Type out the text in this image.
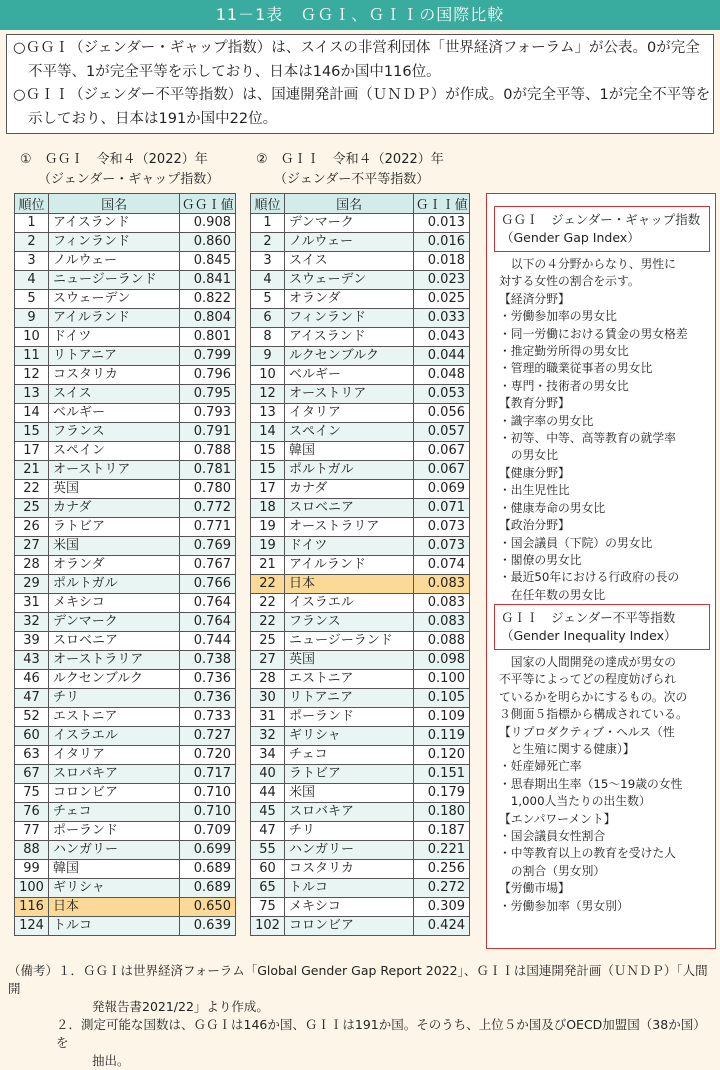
11－1表　ＧＧＩ、ＧＩＩの国際比較

○ＧＧＩ（ジェンダー・ギャップ指数）は、スイスの非営利団体「世界経済フォーラム」が公表。0が完全不平等、1が完全平等を示しており、日本は146か国中116位。

○ＧＩＩ（ジェンダー不平等指数）は、国連開発計画（ＵＮＤＰ）が作成。0が完全平等、1が完全不平等を示しており、日本は191か国中22位。

①　ＧＧＩ　令和４（2022）年
（ジェンダー・ギャップ指数）
②　ＧＩＩ　令和４（2022）年
（ジェンダー不平等指数）
順位	国名	ＧＧＩ値
1	アイスランド	0.908
2	フィンランド	0.860
3	ノルウェー	0.845
4	ニュージーランド	0.841
5	スウェーデン	0.822
9	アイルランド	0.804
10	ドイツ	0.801
11	リトアニア	0.799
12	コスタリカ	0.796
13	スイス	0.795
14	ベルギー	0.793
15	フランス	0.791
17	スペイン	0.788
21	オーストリア	0.781
22	英国	0.780
25	カナダ	0.772
26	ラトビア	0.771
27	米国	0.769
28	オランダ	0.767
29	ポルトガル	0.766
31	メキシコ	0.764
32	デンマーク	0.764
39	スロベニア	0.744
43	オーストラリア	0.738
46	ルクセンブルク	0.736
47	チリ	0.736
52	エストニア	0.733
60	イスラエル	0.727
63	イタリア	0.720
67	スロバキア	0.717
75	コロンビア	0.710
76	チェコ	0.710
77	ポーランド	0.709
88	ハンガリー	0.699
99	韓国	0.689
100	ギリシャ	0.689
116	日本	0.650
124	トルコ	0.639
順位	国名	ＧＩＩ値
1	デンマーク	0.013
2	ノルウェー	0.016
3	スイス	0.018
4	スウェーデン	0.023
5	オランダ	0.025
6	フィンランド	0.033
8	アイスランド	0.043
9	ルクセンブルク	0.044
10	ベルギー	0.048
12	オーストリア	0.053
13	イタリア	0.056
14	スペイン	0.057
15	韓国	0.067
15	ポルトガル	0.067
17	カナダ	0.069
18	スロベニア	0.071
19	オーストラリア	0.073
19	ドイツ	0.073
21	アイルランド	0.074
22	日本	0.083
22	イスラエル	0.083
22	フランス	0.083
25	ニュージーランド	0.088
27	英国	0.098
28	エストニア	0.100
30	リトアニア	0.105
31	ポーランド	0.109
32	ギリシャ	0.119
34	チェコ	0.120
40	ラトビア	0.151
44	米国	0.179
45	スロバキア	0.180
47	チリ	0.187
55	ハンガリー	0.221
60	コスタリカ	0.256
65	トルコ	0.272
75	メキシコ	0.309
102	コロンビア	0.424
ＧＧＩ　ジェンダー・ギャップ指数
（Gender Gap Index）
　以下の４分野からなり、男性に
対する女性の割合を示す。
【経済分野】
・労働参加率の男女比
・同一労働における賃金の男女格差
・推定勤労所得の男女比
・管理的職業従事者の男女比
・専門・技術者の男女比
【教育分野】
・識字率の男女比
・初等、中等、高等教育の就学率
　の男女比
【健康分野】
・出生児性比
・健康寿命の男女比
【政治分野】
・国会議員（下院）の男女比
・閣僚の男女比
・最近50年における行政府の長の
　在任年数の男女比
ＧＩＩ　ジェンダー不平等指数
（Gender Inequality Index）
　国家の人間開発の達成が男女の
不平等によってどの程度妨げられ
ているかを明らかにするもの。次の
３側面５指標から構成されている。
【リプロダクティブ・ヘルス（性
　と生殖に関する健康）】
・妊産婦死亡率
・思春期出生率（15～19歳の女性
　1,000人当たりの出生数）
【エンパワーメント】
・国会議員女性割合
・中等教育以上の教育を受けた人
　の割合（男女別）
【労働市場】
・労働参加率（男女別）
（備考）１．ＧＧＩは世界経済フォーラム「Global Gender Gap Report 2022」、ＧＩＩは国連開発計画（ＵＮＤＰ）「人間開
発報告書2021/22」より作成。
２．測定可能な国数は、ＧＧＩは146か国、ＧＩＩは191か国。そのうち、上位５か国及びOECD加盟国（38か国）を
抽出。
